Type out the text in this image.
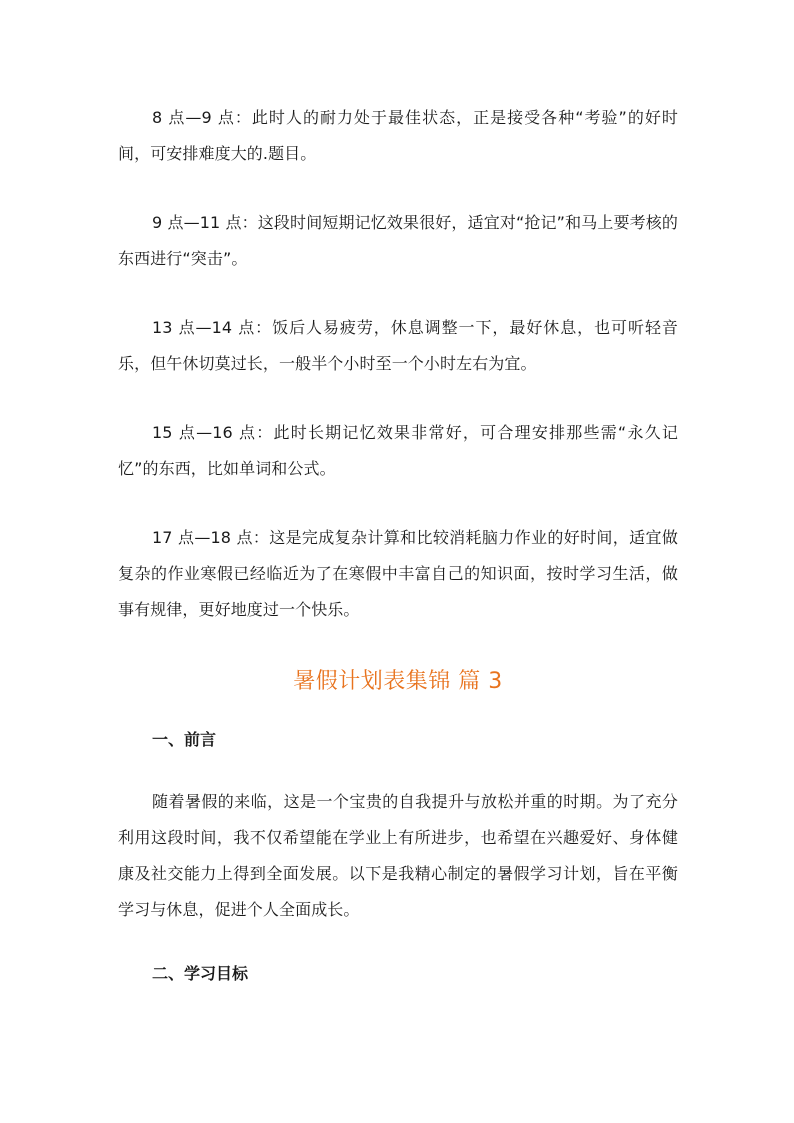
8 点—9 点：此时人的耐力处于最佳状态，正是接受各种“考验”的好时间，可安排难度大的.题目。

9 点—11 点：这段时间短期记忆效果很好，适宜对“抢记”和马上要考核的东西进行“突击”。

13 点—14 点：饭后人易疲劳，休息调整一下，最好休息，也可听轻音乐，但午休切莫过长，一般半个小时至一个小时左右为宜。

15 点—16 点：此时长期记忆效果非常好，可合理安排那些需“永久记忆”的东西，比如单词和公式。

17 点—18 点：这是完成复杂计算和比较消耗脑力作业的好时间，适宜做复杂的作业寒假已经临近为了在寒假中丰富自己的知识面，按时学习生活，做事有规律，更好地度过一个快乐。

暑假计划表集锦 篇 3
一、前言

随着暑假的来临，这是一个宝贵的自我提升与放松并重的时期。为了充分利用这段时间，我不仅希望能在学业上有所进步，也希望在兴趣爱好、身体健康及社交能力上得到全面发展。以下是我精心制定的暑假学习计划，旨在平衡学习与休息，促进个人全面成长。

二、学习目标
